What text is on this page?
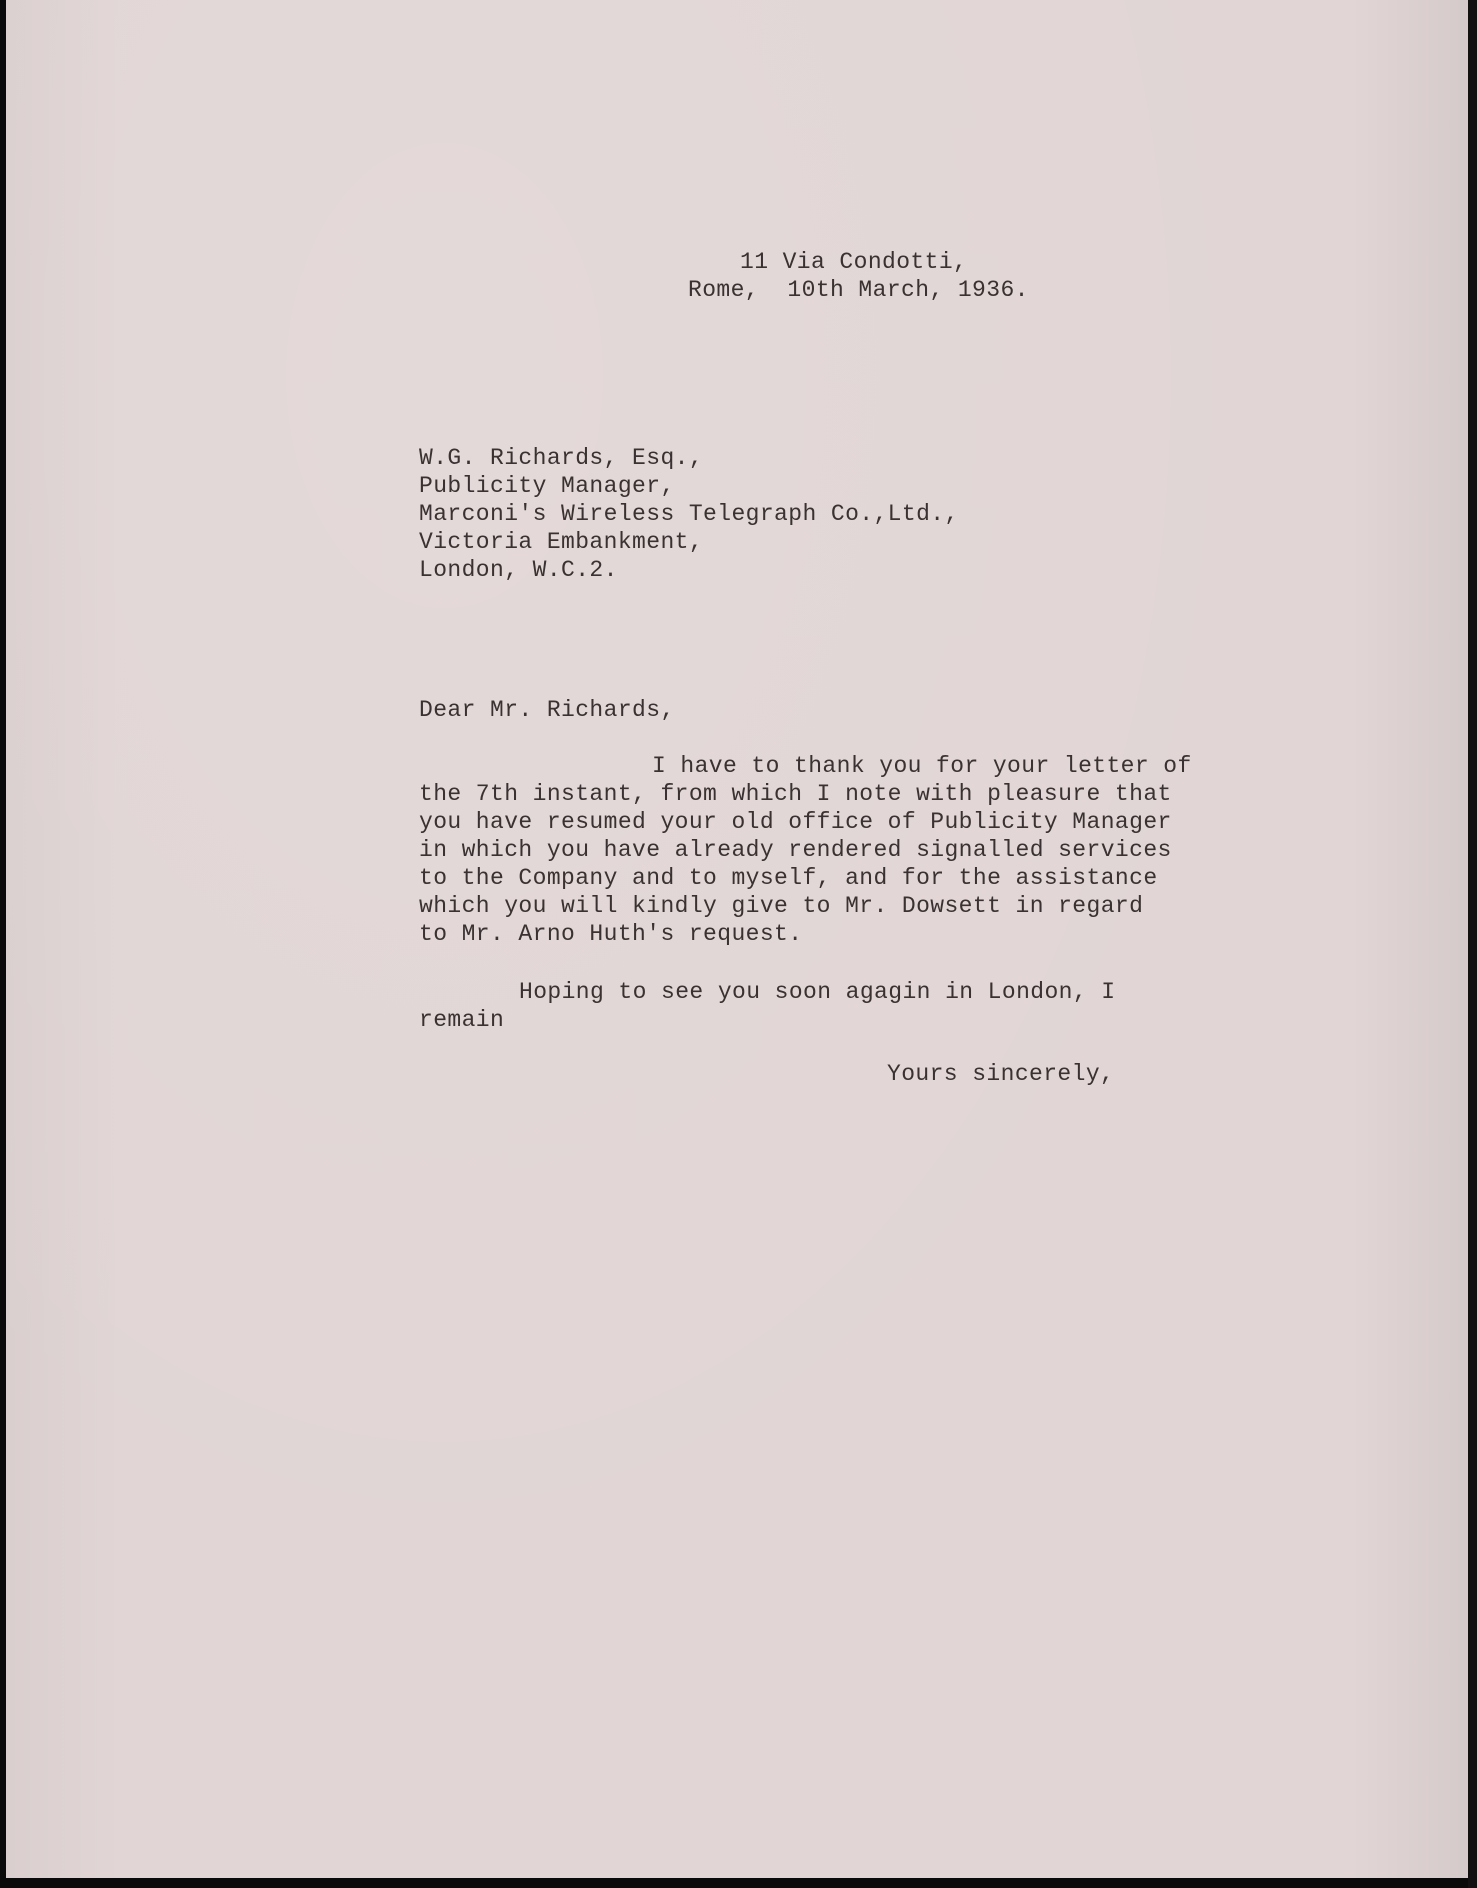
11 Via Condotti,
Rome,  10th March, 1936.
W.G. Richards, Esq.,
Publicity Manager,
Marconi's Wireless Telegraph Co.,Ltd.,
Victoria Embankment,
London, W.C.2.
Dear Mr. Richards,
I have to thank you for your letter of
the 7th instant, from which I note with pleasure that
you have resumed your old office of Publicity Manager
in which you have already rendered signalled services
to the Company and to myself, and for the assistance
which you will kindly give to Mr. Dowsett in regard
to Mr. Arno Huth's request.
Hoping to see you soon agagin in London, I
remain
Yours sincerely,
